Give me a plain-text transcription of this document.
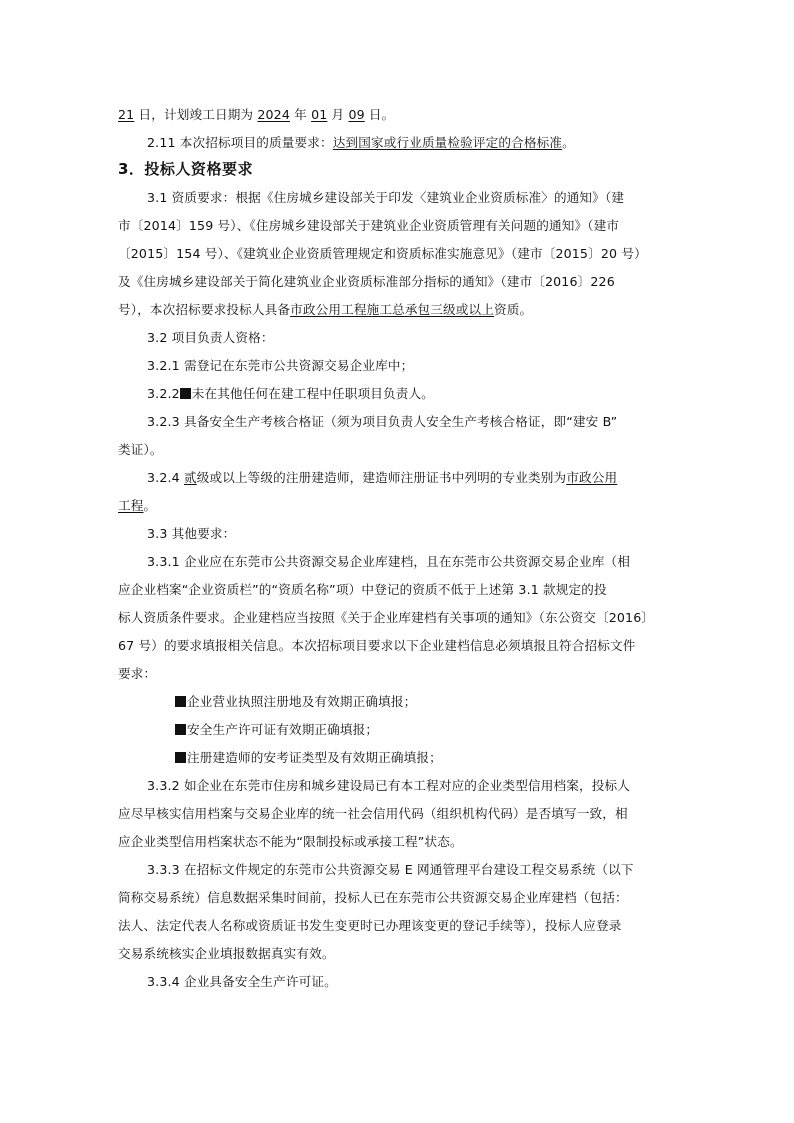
21 日，计划竣工日期为 2024 年 01 月 09 日。
2.11 本次招标项目的质量要求：达到国家或行业质量检验评定的合格标准。
3．投标人资格要求
3.1 资质要求：根据《住房城乡建设部关于印发〈建筑业企业资质标准〉的通知》（建
市〔2014〕159 号）、《住房城乡建设部关于建筑业企业资质管理有关问题的通知》（建市
〔2015〕154 号）、《建筑业企业资质管理规定和资质标准实施意见》（建市〔2015〕20 号）
及《住房城乡建设部关于简化建筑业企业资质标准部分指标的通知》（建市〔2016〕226
号），本次招标要求投标人具备市政公用工程施工总承包三级或以上资质。
3.2 项目负责人资格：
3.2.1 需登记在东莞市公共资源交易企业库中；
3.2.2 未在其他任何在建工程中任职项目负责人。
3.2.3 具备安全生产考核合格证（须为项目负责人安全生产考核合格证，即“建安 B”
类证）。
3.2.4 贰级或以上等级的注册建造师，建造师注册证书中列明的专业类别为市政公用
工程。
3.3 其他要求：
3.3.1 企业应在东莞市公共资源交易企业库建档，且在东莞市公共资源交易企业库（相
应企业档案“企业资质栏”的“资质名称”项）中登记的资质不低于上述第 3.1 款规定的投
标人资质条件要求。企业建档应当按照《关于企业库建档有关事项的通知》（东公资交〔2016〕
67 号）的要求填报相关信息。本次招标项目要求以下企业建档信息必须填报且符合招标文件
要求：
企业营业执照注册地及有效期正确填报；
安全生产许可证有效期正确填报；
注册建造师的安考证类型及有效期正确填报；
3.3.2 如企业在东莞市住房和城乡建设局已有本工程对应的企业类型信用档案，投标人
应尽早核实信用档案与交易企业库的统一社会信用代码（组织机构代码）是否填写一致，相
应企业类型信用档案状态不能为“限制投标或承接工程”状态。
3.3.3 在招标文件规定的东莞市公共资源交易 E 网通管理平台建设工程交易系统（以下
简称交易系统）信息数据采集时间前，投标人已在东莞市公共资源交易企业库建档（包括：
法人、法定代表人名称或资质证书发生变更时已办理该变更的登记手续等），投标人应登录
交易系统核实企业填报数据真实有效。
3.3.4 企业具备安全生产许可证。
